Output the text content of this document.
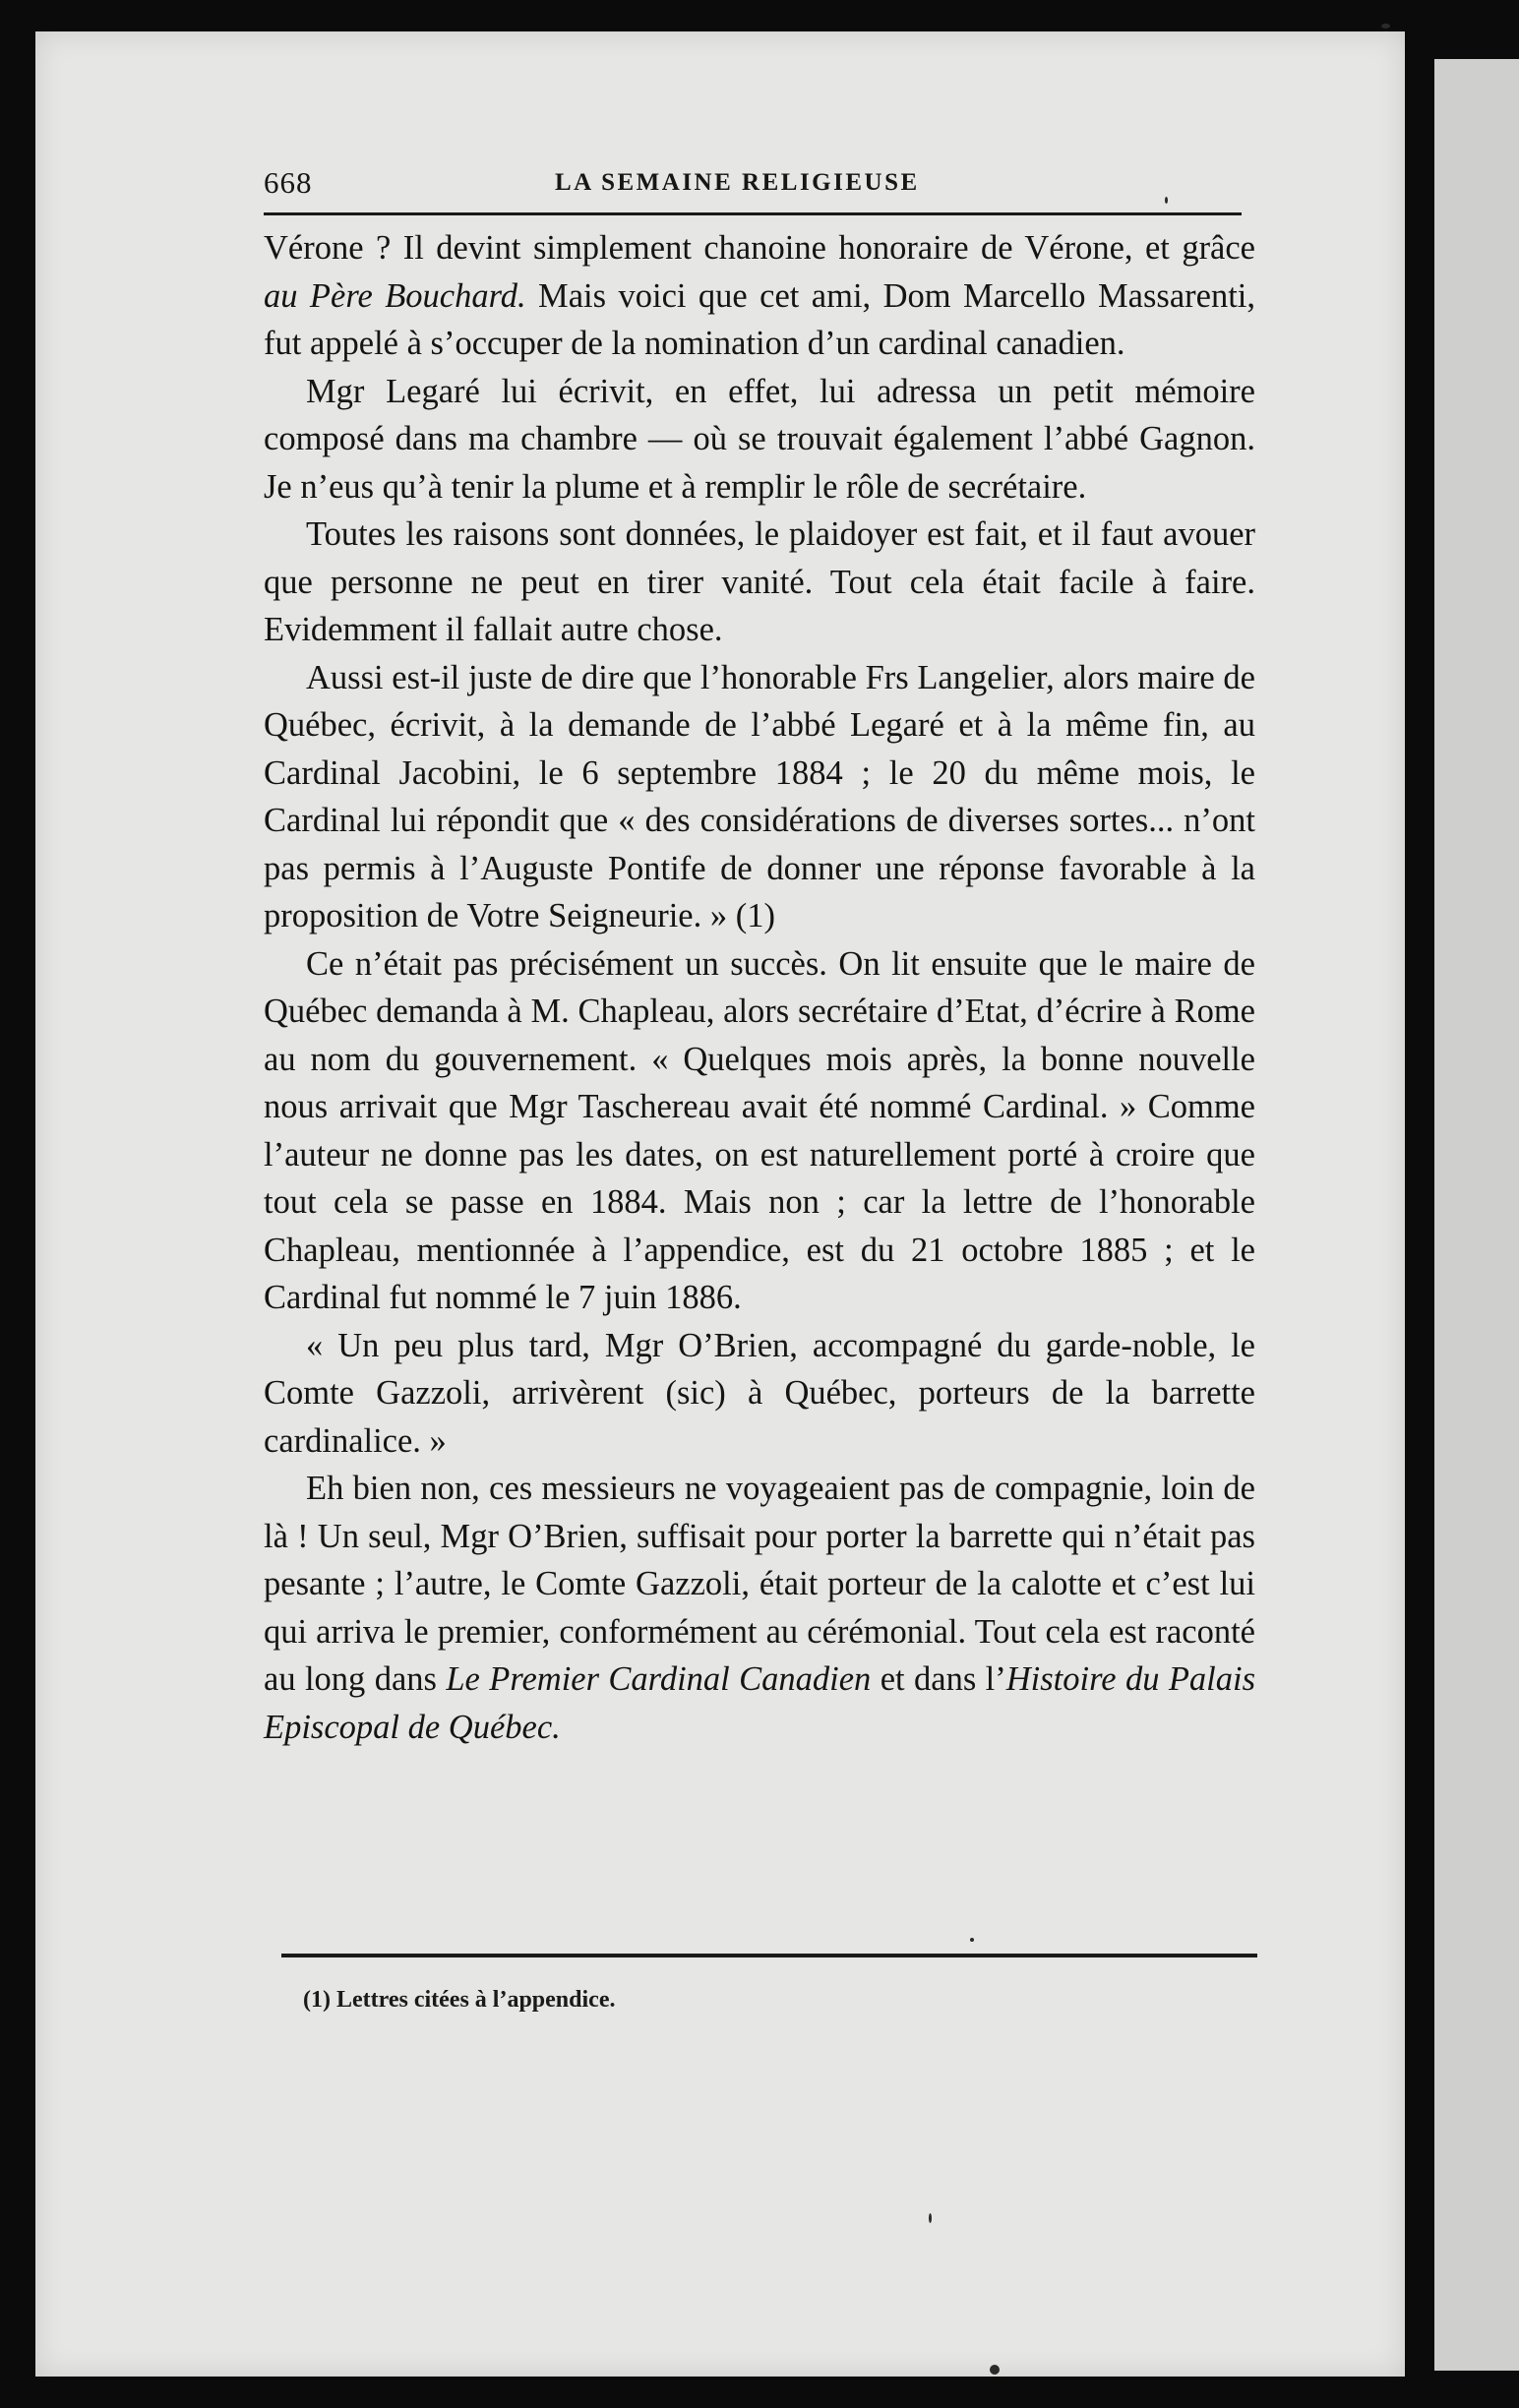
668	LA SEMAINE RELIGIEUSE

Vérone ? Il devint simplement chanoine honoraire de Vérone, et grâce au Père Bouchard. Mais voici que cet ami, Dom Marcello Massarenti, fut appelé à s’occuper de la nomination d’un cardinal canadien.

Mgr Legaré lui écrivit, en effet, lui adressa un petit mémoire composé dans ma chambre — où se trouvait également l’abbé Gagnon. Je n’eus qu’à tenir la plume et à remplir le rôle de secrétaire.

Toutes les raisons sont données, le plaidoyer est fait, et il faut avouer que personne ne peut en tirer vanité. Tout cela était facile à faire. Evidemment il fallait autre chose.

Aussi est-il juste de dire que l’honorable Frs Langelier, alors maire de Québec, écrivit, à la demande de l’abbé Legaré et à la même fin, au Cardinal Jacobini, le 6 septembre 1884 ; le 20 du même mois, le Cardinal lui répondit que « des considérations de diverses sortes... n’ont pas permis à l’Auguste Pontife de donner une réponse favorable à la proposition de Votre Seigneurie. » (1)

Ce n’était pas précisément un succès. On lit ensuite que le maire de Québec demanda à M. Chapleau, alors secrétaire d’Etat, d’écrire à Rome au nom du gouvernement. « Quelques mois après, la bonne nouvelle nous arrivait que Mgr Taschereau avait été nommé Cardinal. » Comme l’auteur ne donne pas les dates, on est naturellement porté à croire que tout cela se passe en 1884. Mais non ; car la lettre de l’honorable Chapleau, mentionnée à l’appendice, est du 21 octobre 1885 ; et le Cardinal fut nommé le 7 juin 1886.

« Un peu plus tard, Mgr O’Brien, accompagné du garde-noble, le Comte Gazzoli, arrivèrent (sic) à Québec, porteurs de la barrette cardinalice. »

Eh bien non, ces messieurs ne voyageaient pas de compagnie, loin de là ! Un seul, Mgr O’Brien, suffisait pour porter la barrette qui n’était pas pesante ; l’autre, le Comte Gazzoli, était porteur de la calotte et c’est lui qui arriva le premier, conformément au cérémonial. Tout cela est raconté au long dans Le Premier Cardinal Canadien et dans l’Histoire du Palais Episcopal de Québec.

(1) Lettres citées à l’appendice.
